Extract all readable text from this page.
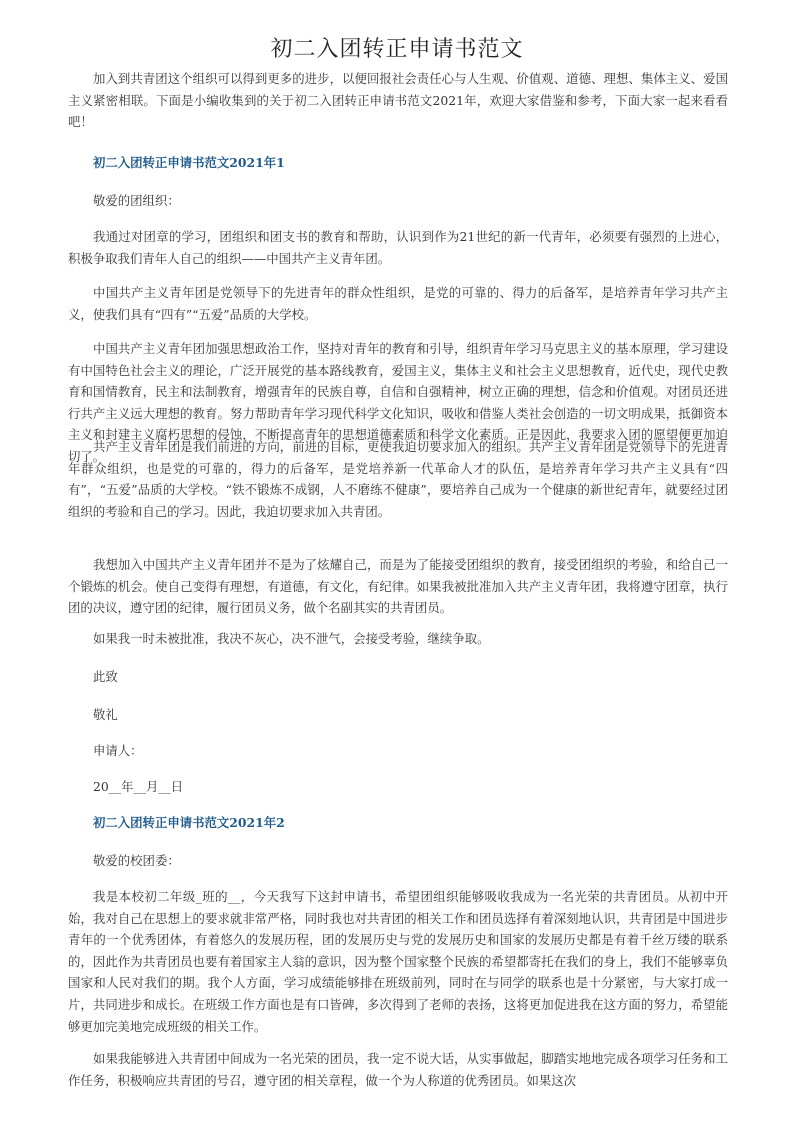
初二入团转正申请书范文

加入到共青团这个组织可以得到更多的进步，以便回报社会责任心与人生观、价值观、道德、理想、集体主义、爱国主义紧密相联。下面是小编收集到的关于初二入团转正申请书范文2021年，欢迎大家借鉴和参考，下面大家一起来看看吧！

初二入团转正申请书范文2021年1

敬爱的团组织：

我通过对团章的学习，团组织和团支书的教育和帮助，认识到作为21世纪的新一代青年，必须要有强烈的上进心，积极争取我们青年人自己的组织——中国共产主义青年团。

中国共产主义青年团是党领导下的先进青年的群众性组织，是党的可靠的、得力的后备军，是培养青年学习共产主义，使我们具有“四有”“五爱”品质的大学校。

中国共产主义青年团加强思想政治工作，坚持对青年的教育和引导，组织青年学习马克思主义的基本原理，学习建设有中国特色社会主义的理论，广泛开展党的基本路线教育，爱国主义，集体主义和社会主义思想教育，近代史，现代史教育和国情教育，民主和法制教育，增强青年的民族自尊，自信和自强精神，树立正确的理想，信念和价值观。对团员还进行共产主义远大理想的教育。努力帮助青年学习现代科学文化知识，吸收和借鉴人类社会创造的一切文明成果，抵御资本主义和封建主义腐朽思想的侵蚀，不断提高青年的思想道德素质和科学文化素质。正是因此，我要求入团的愿望便更加迫切了。

共产主义青年团是我们前进的方向，前进的目标，更使我迫切要求加入的组织。共产主义青年团是党领导下的先进青年群众组织，也是党的可靠的，得力的后备军，是党培养新一代革命人才的队伍，是培养青年学习共产主义具有“四有”，“五爱”品质的大学校。“铁不锻炼不成钢，人不磨练不健康”，要培养自己成为一个健康的新世纪青年，就要经过团组织的考验和自己的学习。因此，我迫切要求加入共青团。

我想加入中国共产主义青年团并不是为了炫耀自己，而是为了能接受团组织的教育，接受团组织的考验，和给自己一个锻炼的机会。使自己变得有理想，有道德，有文化，有纪律。如果我被批准加入共产主义青年团，我将遵守团章，执行团的决议，遵守团的纪律，履行团员义务，做个名副其实的共青团员。

如果我一时未被批准，我决不灰心，决不泄气，会接受考验，继续争取。

此致

敬礼

申请人：

20__年__月__日

初二入团转正申请书范文2021年2

敬爱的校团委：

我是本校初二年级_班的__，今天我写下这封申请书，希望团组织能够吸收我成为一名光荣的共青团员。从初中开始，我对自己在思想上的要求就非常严格，同时我也对共青团的相关工作和团员选择有着深刻地认识，共青团是中国进步青年的一个优秀团体，有着悠久的发展历程，团的发展历史与党的发展历史和国家的发展历史都是有着千丝万缕的联系的，因此作为共青团员也要有着国家主人翁的意识，因为整个国家整个民族的希望都寄托在我们的身上，我们不能够辜负国家和人民对我们的期。我个人方面，学习成绩能够排在班级前列，同时在与同学的联系也是十分紧密，与大家打成一片，共同进步和成长。在班级工作方面也是有口皆碑，多次得到了老师的表扬，这将更加促进我在这方面的努力，希望能够更加完美地完成班级的相关工作。

如果我能够进入共青团中间成为一名光荣的团员，我一定不说大话，从实事做起，脚踏实地地完成各项学习任务和工作任务，积极响应共青团的号召，遵守团的相关章程，做一个为人称道的优秀团员。如果这次
